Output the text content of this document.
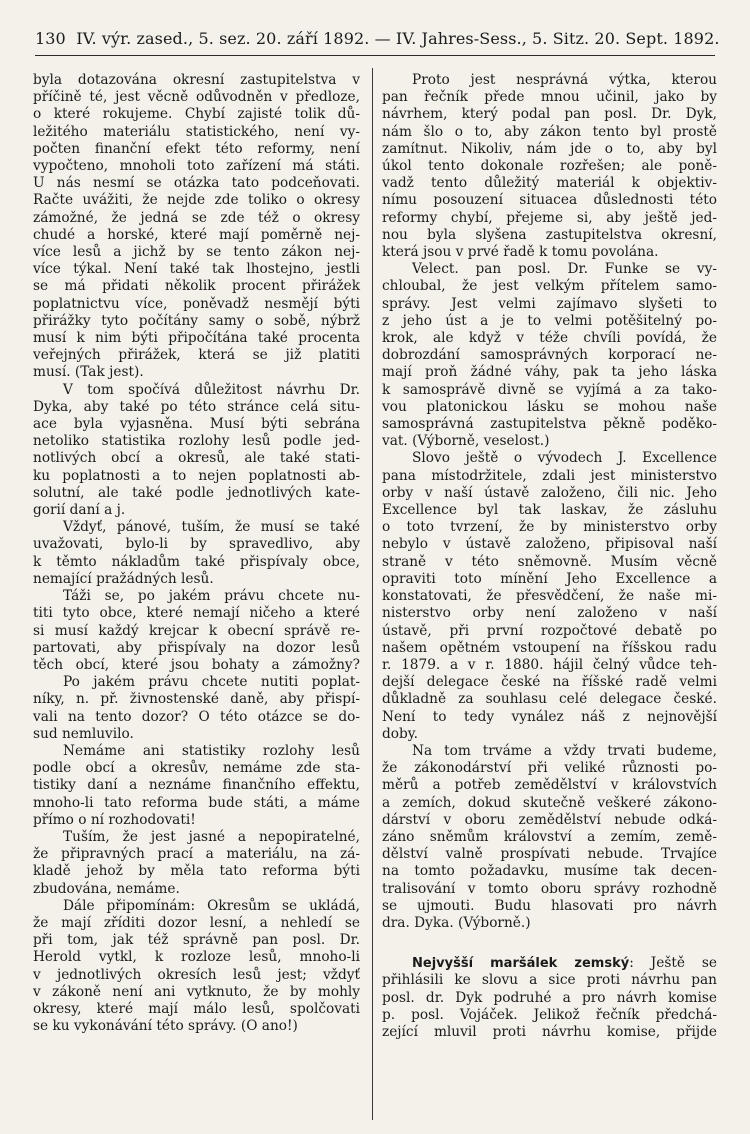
130  IV. výr. zased., 5. sez. 20. září 1892. — IV. Jahres-Sess., 5. Sitz. 20. Sept. 1892.
byla dotazována okresní zastupitelstva v
příčině té, jest věcně odůvodněn v předloze,
o které rokujeme. Chybí zajisté tolik dů-
ležitého materiálu statistického, není vy-
počten finanční efekt této reformy, není
vypočteno, mnoholi toto zařízení má státi.
U nás nesmí se otázka tato podceňovati.
Račte uvážiti, že nejde zde toliko o okresy
zámožné, že jedná se zde též o okresy
chudé a horské, které mají poměrně nej-
více lesů a jichž by se tento zákon nej-
více týkal. Není také tak lhostejno, jestli
se má přidati několik procent přirážek
poplatnictvu více, poněvadž nesmějí býti
přirážky tyto počítány samy o sobě, nýbrž
musí k nim býti připočítána také procenta
veřejných přirážek, která se již platiti
musí. (Tak jest).
V tom spočívá důležitost návrhu Dr.
Dyka, aby také po této stránce celá situ-
ace byla vyjasněna. Musí býti sebrána
netoliko statistika rozlohy lesů podle jed-
notlivých obcí a okresů, ale také stati-
ku poplatnosti a to nejen poplatnosti ab-
solutní, ale také podle jednotlivých kate-
gorií daní a j.
Vždyť, pánové, tuším, že musí se také
uvažovati, bylo-li by spravedlivo, aby
k těmto nákladům také přispívaly obce,
nemající pražádných lesů.
Táži se, po jakém právu chcete nu-
titi tyto obce, které nemají ničeho a které
si musí každý krejcar k obecní správě re-
partovati, aby přispívaly na dozor lesů
těch obcí, které jsou bohaty a zámožny?
Po jakém právu chcete nutiti poplat-
níky, n. př. živnostenské daně, aby přispí-
vali na tento dozor? O této otázce se do-
sud nemluvilo.
Nemáme ani statistiky rozlohy lesů
podle obcí a okresův, nemáme zde sta-
tistiky daní a neznáme finančního effektu,
mnoho-li tato reforma bude státi, a máme
přímo o ní rozhodovati!
Tuším, že jest jasné a nepopiratelné,
že připravných prací a materiálu, na zá-
kladě jehož by měla tato reforma býti
zbudována, nemáme.
Dále připomínám: Okresům se ukládá,
že mají zříditi dozor lesní, a nehledí se
při tom, jak též správně pan posl. Dr.
Herold vytkl, k rozloze lesů, mnoho-li
v jednotlivých okresích lesů jest; vždyť
v zákoně není ani vytknuto, že by mohly
okresy, které mají málo lesů, spolčovati
se ku vykonávání této správy. (O ano!)
Proto jest nesprávná výtka, kterou
pan řečník přede mnou učinil, jako by
návrhem, který podal pan posl. Dr. Dyk,
nám šlo o to, aby zákon tento byl prostě
zamítnut. Nikoliv, nám jde o to, aby byl
úkol tento dokonale rozřešen; ale poně-
vadž tento důležitý materiál k objektiv-
nímu posouzení situacea důslednosti této
reformy chybí, přejeme si, aby ještě jed-
nou byla slyšena zastupitelstva okresní,
která jsou v prvé řadě k tomu povolána.
Velect. pan posl. Dr. Funke se vy-
chloubal, že jest velkým přítelem samo-
správy. Jest velmi zajímavo slyšeti to
z jeho úst a je to velmi potěšitelný po-
krok, ale když v téže chvíli povídá, že
dobrozdání samosprávných korporací ne-
mají proň žádné váhy, pak ta jeho láska
k samosprávě divně se vyjímá a za tako-
vou platonickou lásku se mohou naše
samosprávná zastupitelstva pěkně poděko-
vat. (Výborně, veselost.)
Slovo ještě o vývodech J. Excellence
pana místodržitele, zdali jest ministerstvo
orby v naší ústavě založeno, čili nic. Jeho
Excellence byl tak laskav, že zásluhu
o toto tvrzení, že by ministerstvo orby
nebylo v ústavě založeno, připisoval naší
straně v této sněmovně. Musím věcně
opraviti toto mínění Jeho Excellence a
konstatovati, že přesvědčení, že naše mi-
nisterstvo orby není založeno v naší
ústavě, při první rozpočtové debatě po
našem opětném vstoupení na říšskou radu
r. 1879. a v r. 1880. hájil čelný vůdce teh-
dejší delegace české na říšské radě velmi
důkladně za souhlasu celé delegace české.
Není to tedy vynález náš z nejnovější
doby.
Na tom trváme a vždy trvati budeme,
že zákonodárství při veliké různosti po-
měrů a potřeb zemědělství v královstvích
a zemích, dokud skutečně veškeré zákono-
dárství v oboru zemědělství nebude odká-
záno sněmům království a zemím, země-
dělství valně prospívati nebude. Trvajíce
na tomto požadavku, musíme tak decen-
tralisování v tomto oboru správy rozhodně
se ujmouti. Budu hlasovati pro návrh
dra. Dyka. (Výborně.)
Nejvyšší maršálek zemský: Ještě se
přihlásili ke slovu a sice proti návrhu pan
posl. dr. Dyk podruhé a pro návrh komise
p. posl. Vojáček. Jelikož řečník předchá-
zející mluvil proti návrhu komise, přijde
